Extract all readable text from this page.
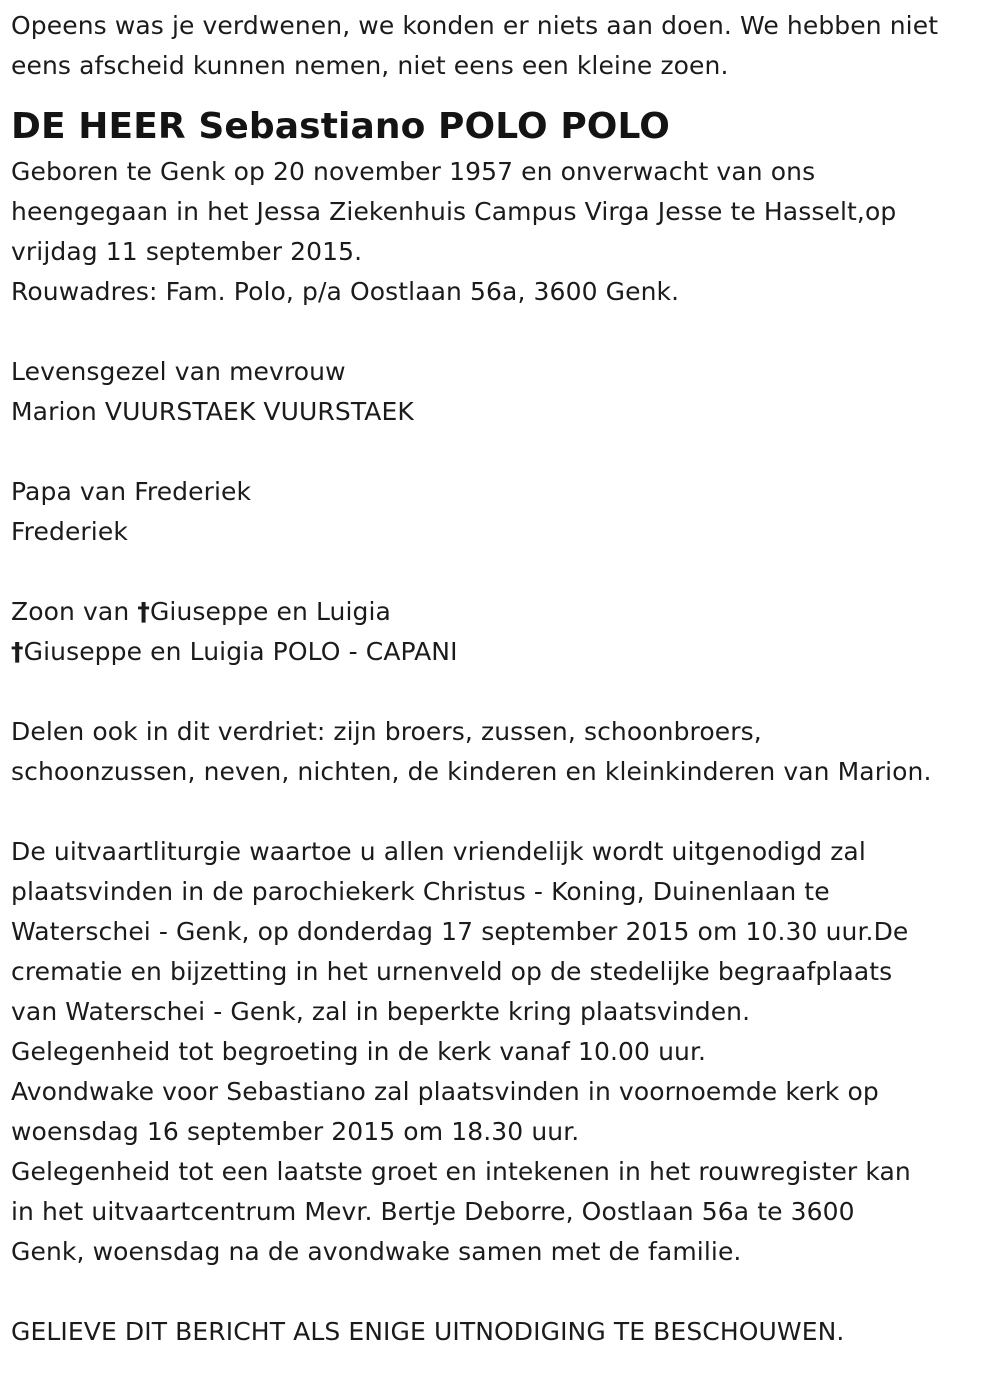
Opeens was je verdwenen, we konden er niets aan doen. We hebben niet
eens afscheid kunnen nemen, niet eens een kleine zoen.
DE HEER Sebastiano POLO POLO
Geboren te Genk op 20 november 1957 en onverwacht van ons
heengegaan in het Jessa Ziekenhuis Campus Virga Jesse te Hasselt,op
vrijdag 11 september 2015.
Rouwadres: Fam. Polo, p/a Oostlaan 56a, 3600 Genk.
Levensgezel van mevrouw
Marion VUURSTAEK VUURSTAEK
Papa van Frederiek
Frederiek
Zoon van †Giuseppe en Luigia
†Giuseppe en Luigia POLO - CAPANI
Delen ook in dit verdriet: zijn broers, zussen, schoonbroers,
schoonzussen, neven, nichten, de kinderen en kleinkinderen van Marion.
De uitvaartliturgie waartoe u allen vriendelijk wordt uitgenodigd zal
plaatsvinden in de parochiekerk Christus - Koning, Duinenlaan te
Waterschei - Genk, op donderdag 17 september 2015 om 10.30 uur.De
crematie en bijzetting in het urnenveld op de stedelijke begraafplaats
van Waterschei - Genk, zal in beperkte kring plaatsvinden.
Gelegenheid tot begroeting in de kerk vanaf 10.00 uur.
Avondwake voor Sebastiano zal plaatsvinden in voornoemde kerk op
woensdag 16 september 2015 om 18.30 uur.
Gelegenheid tot een laatste groet en intekenen in het rouwregister kan
in het uitvaartcentrum Mevr. Bertje Deborre, Oostlaan 56a te 3600
Genk, woensdag na de avondwake samen met de familie.
GELIEVE DIT BERICHT ALS ENIGE UITNODIGING TE BESCHOUWEN.
